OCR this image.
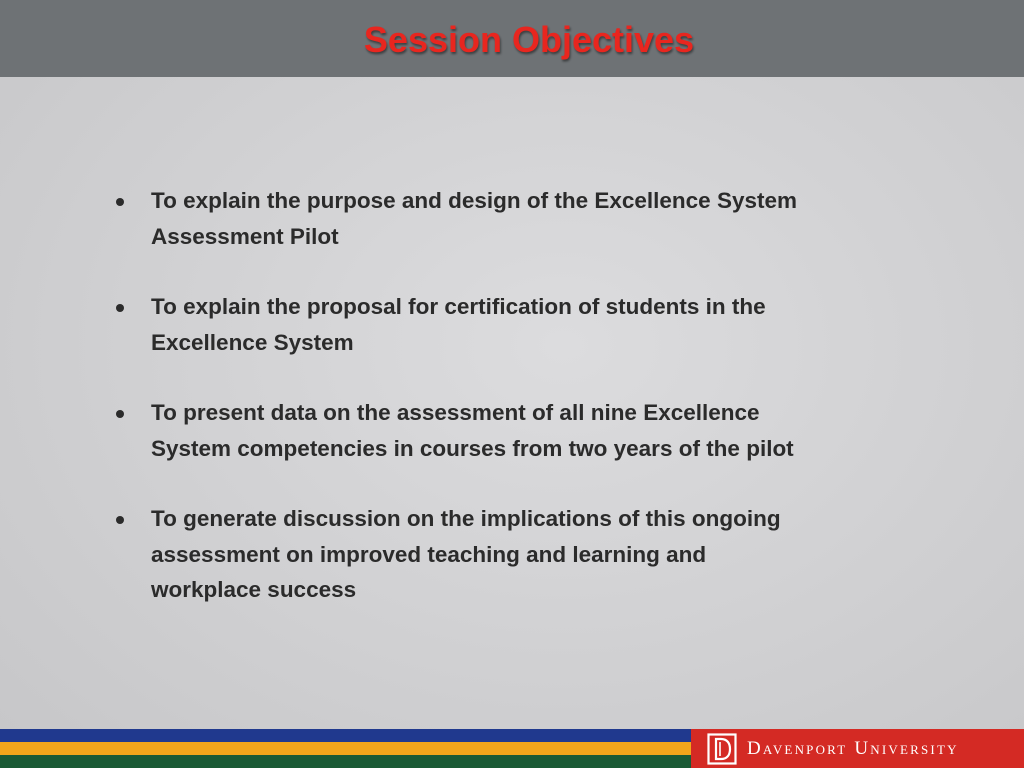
Session Objectives
To explain the purpose and design of the Excellence System
Assessment Pilot
To explain the proposal for certification of students in the
Excellence System
To present data on the assessment of all nine Excellence
System competencies in courses from two years of the pilot
To generate discussion on the implications of this ongoing
assessment on improved teaching and learning and
workplace success
Davenport University
